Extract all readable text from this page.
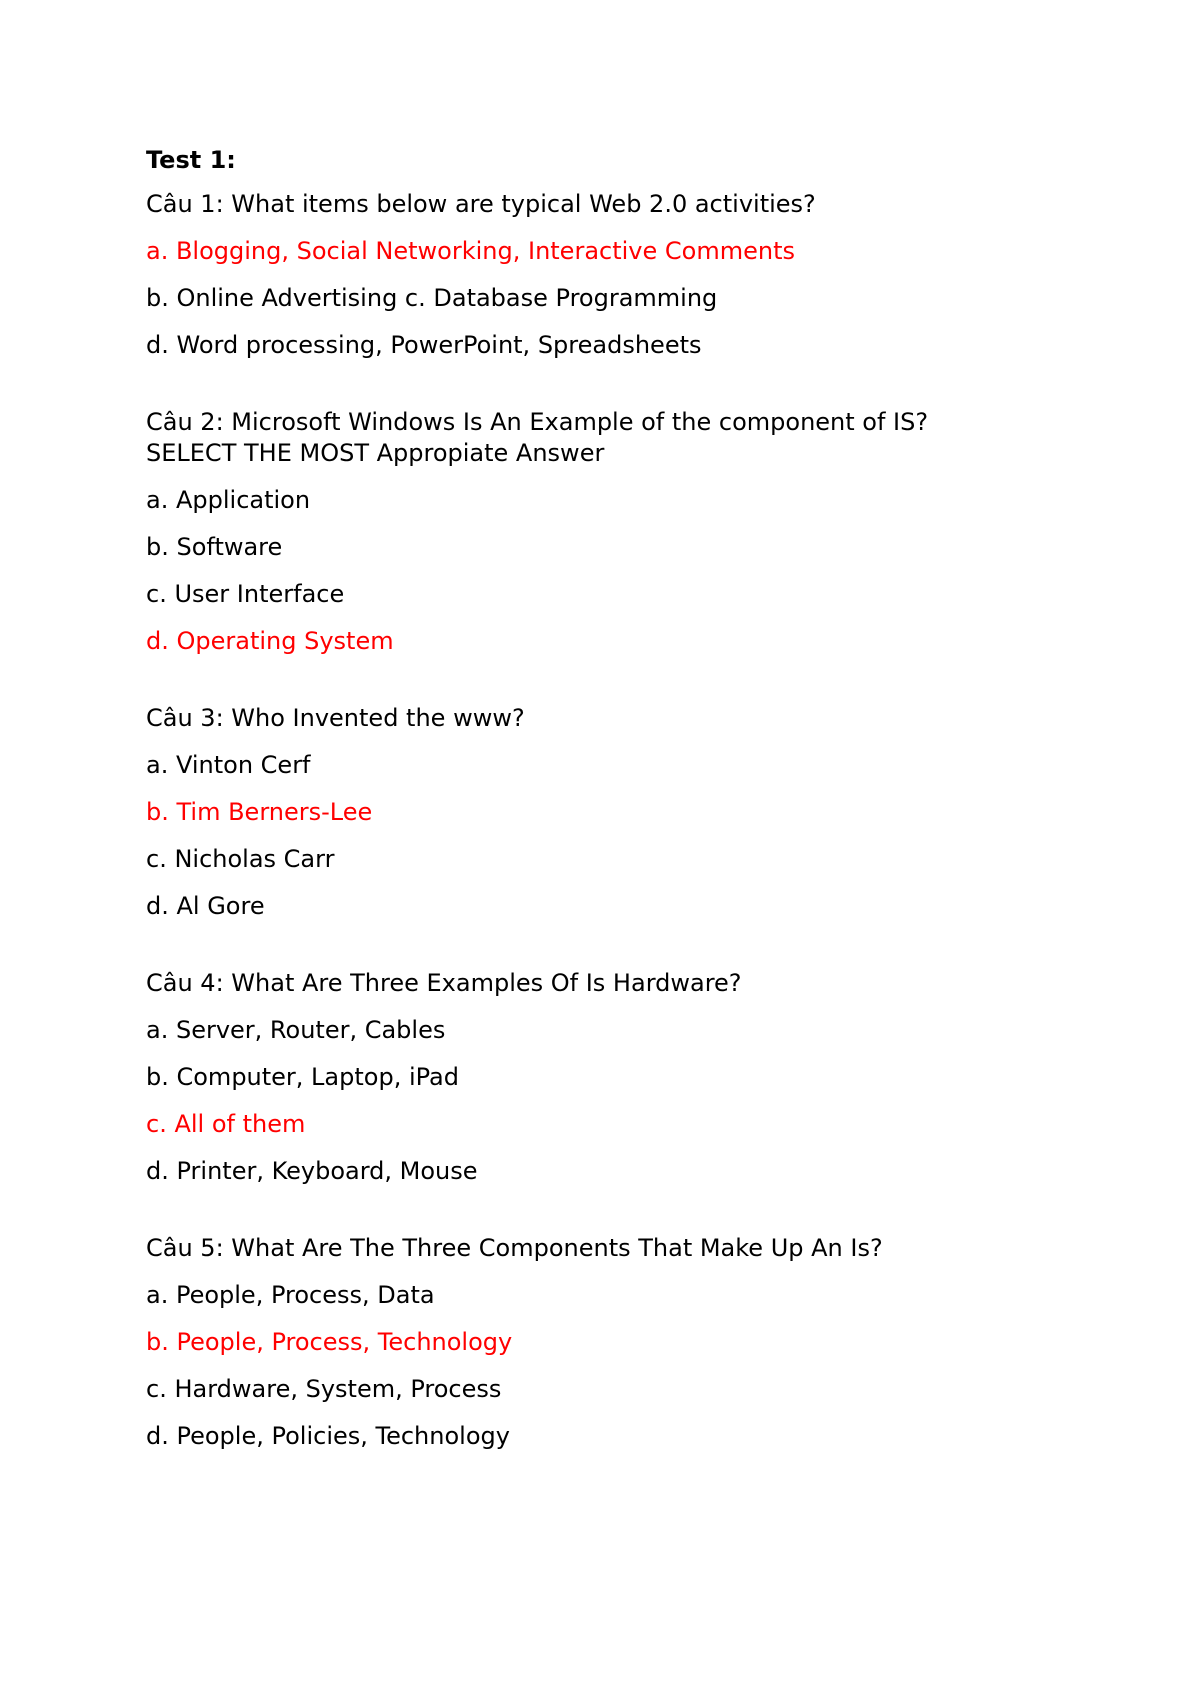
Test 1:
Câu 1: What items below are typical Web 2.0 activities?
a. Blogging, Social Networking, Interactive Comments
b. Online Advertising c. Database Programming
d. Word processing, PowerPoint, Spreadsheets
Câu 2: Microsoft Windows Is An Example of the component of IS?
SELECT THE MOST Appropiate Answer
a. Application
b. Software
c. User Interface
d. Operating System
Câu 3: Who Invented the www?
a. Vinton Cerf
b. Tim Berners-Lee
c. Nicholas Carr
d. Al Gore
Câu 4: What Are Three Examples Of Is Hardware?
a. Server, Router, Cables
b. Computer, Laptop, iPad
c. All of them
d. Printer, Keyboard, Mouse
Câu 5: What Are The Three Components That Make Up An Is?
a. People, Process, Data
b. People, Process, Technology
c. Hardware, System, Process
d. People, Policies, Technology
